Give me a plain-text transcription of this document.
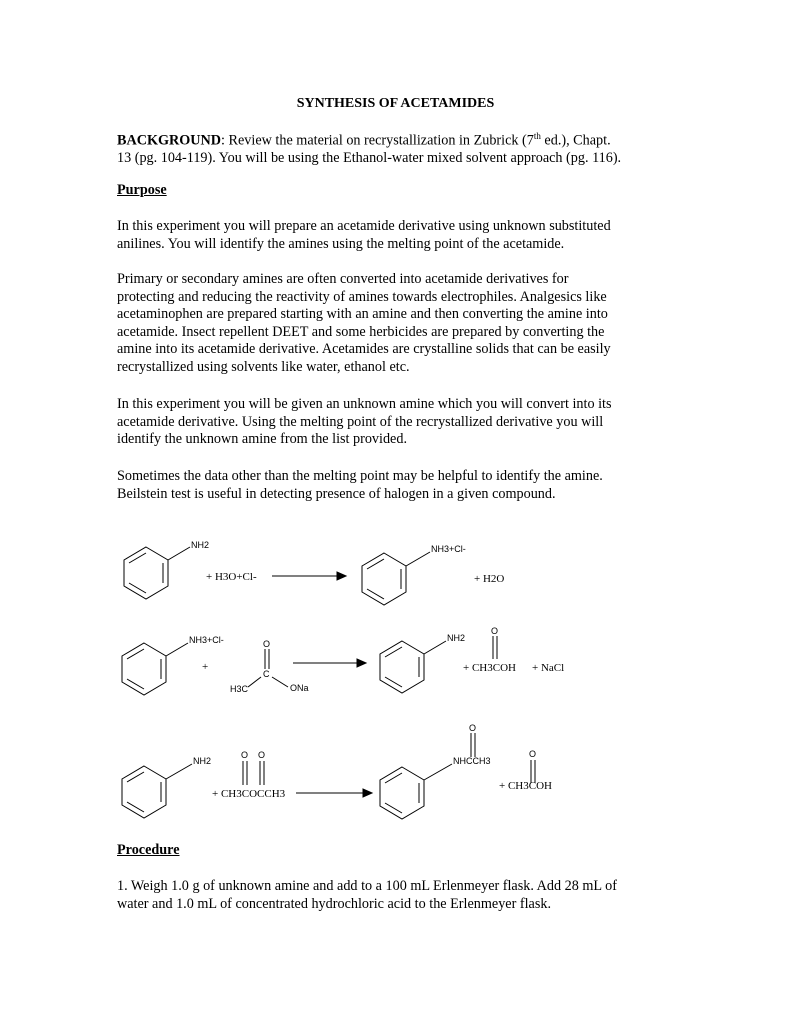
SYNTHESIS OF ACETAMIDES
BACKGROUND: Review the material on recrystallization in Zubrick (7th ed.), Chapt.
13 (pg. 104-119). You will be using the Ethanol-water mixed solvent approach (pg. 116).
Purpose
In this experiment you will prepare an acetamide derivative using unknown substituted
anilines. You will identify the amines using the melting point of the acetamide.
Primary or secondary amines are often converted into acetamide derivatives for
protecting and reducing the reactivity of amines towards electrophiles. Analgesics like
acetaminophen are prepared starting with an amine and then converting the amine into
acetamide. Insect repellent DEET and some herbicides are prepared by converting the
amine into its acetamide derivative. Acetamides are crystalline solids that can be easily
recrystallized using solvents like water, ethanol etc.
In this experiment you will be given an unknown amine which you will convert into its
acetamide derivative. Using the melting point of the recrystallized derivative you will
identify the unknown amine from the list provided.
Sometimes the data other than the melting point may be helpful to identify the amine.
Beilstein test is useful in detecting presence of halogen in a given compound.
NH2
+ H3O+Cl-
NH3+Cl-
+ H2O
NH3+Cl-
+
O
C
H3C	ONa
NH2
O
+ CH3COH + NaCl
NH2
O O
+ CH3COCCH3
O
NHCCH3
O
+ CH3COH
Procedure
1. Weigh 1.0 g of unknown amine and add to a 100 mL Erlenmeyer flask. Add 28 mL of
water and 1.0 mL of concentrated hydrochloric acid to the Erlenmeyer flask.
